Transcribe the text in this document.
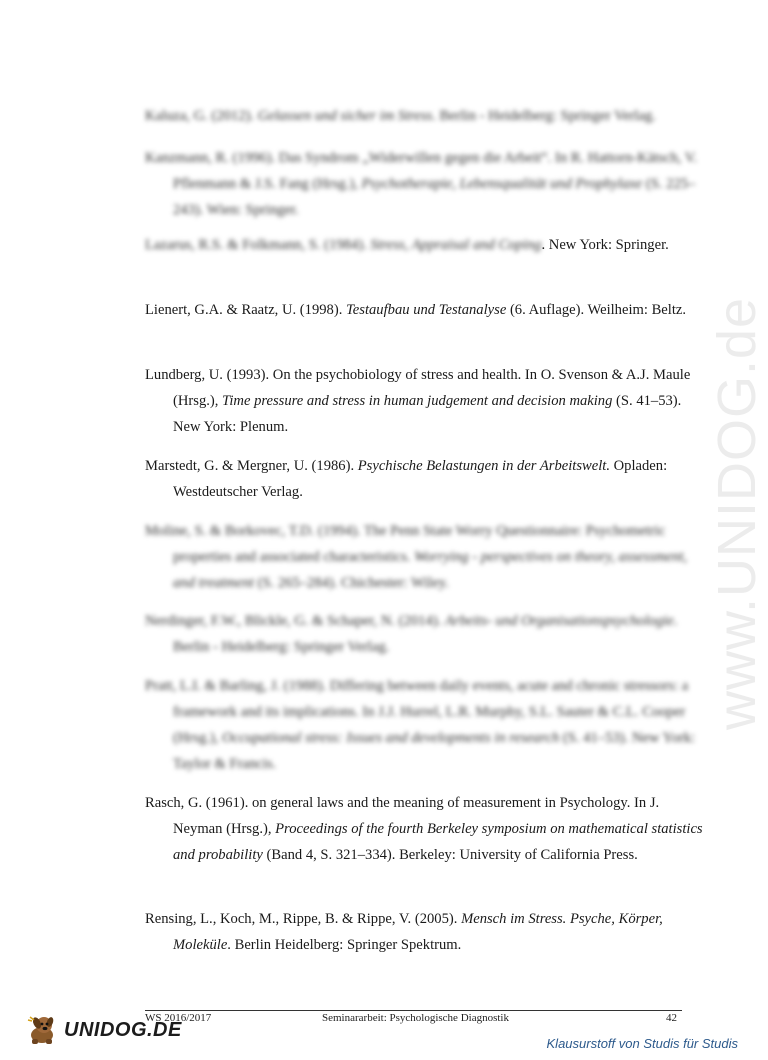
www.UNIDOG.de
Kaluza, G. (2012). Gelassen und sicher im Stress. Berlin - Heidelberg: Springer Verlag.
Kanzmann, R. (1996). Das Syndrom „Widerwillen gegen die Arbeit“. In R. Hattorn-Kätsch, V. Pflenmann & J.S. Fang (Hrsg.), Psychotherapie, Lebensqualität und Prophylaxe (S. 225–243). Wien: Springer.
Lazarus, R.S. & Folkmann, S. (1984). Stress, Appraisal and Coping. New York: Springer.
Lienert, G.A. & Raatz, U. (1998). Testaufbau und Testanalyse (6. Auflage). Weilheim: Beltz.
Lundberg, U. (1993). On the psychobiology of stress and health. In O. Svenson & A.J. Maule (Hrsg.), Time pressure and stress in human judgement and decision making (S. 41–53). New York: Plenum.
Marstedt, G. & Mergner, U. (1986). Psychische Belastungen in der Arbeitswelt. Opladen: Westdeutscher Verlag.
Moline, S. & Borkovec, T.D. (1994). The Penn State Worry Questionnaire: Psychometric properties and associated characteristics. Worrying - perspectives on theory, assessment, and treatment (S. 265–284). Chichester: Wiley.
Nerdinger, F.W., Blickle, G. & Schaper, N. (2014). Arbeits- und Organisationspsychologie. Berlin - Heidelberg: Springer Verlag.
Pratt, L.I. & Barling, J. (1988). Differing between daily events, acute and chronic stressors: a framework and its implications. In J.J. Hurrel, L.R. Murphy, S.L. Sauter & C.L. Cooper (Hrsg.), Occupational stress: Issues and developments in research (S. 41–53). New York: Taylor & Francis.
Rasch, G. (1961). on general laws and the meaning of measurement in Psychology. In J. Neyman (Hrsg.), Proceedings of the fourth Berkeley symposium on mathematical statistics and probability (Band 4, S. 321–334). Berkeley: University of California Press.
Rensing, L., Koch, M., Rippe, B. & Rippe, V. (2005). Mensch im Stress. Psyche, Körper, Moleküle. Berlin Heidelberg: Springer Spektrum.
WS 2016/2017	Seminararbeit: Psychologische Diagnostik	42
UNIDOG.DE
Klausurstoff von Studis für Studis
